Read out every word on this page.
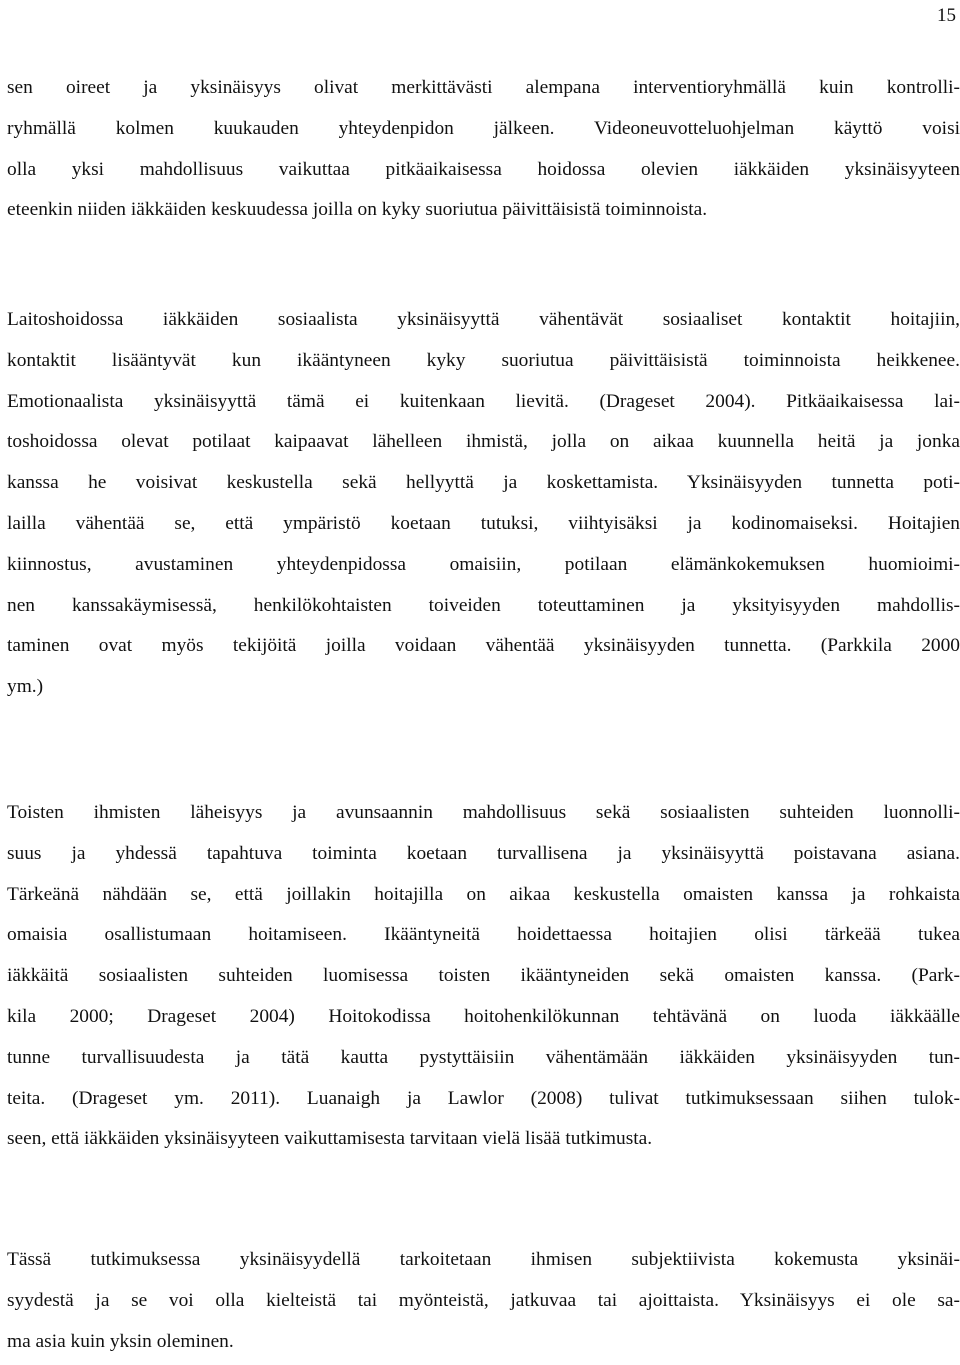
15
sen oireet ja yksinäisyys olivat merkittävästi alempana interventioryhmällä kuin kontrolli-
ryhmällä kolmen kuukauden yhteydenpidon jälkeen. Videoneuvotteluohjelman käyttö voisi
olla yksi mahdollisuus vaikuttaa pitkäaikaisessa hoidossa olevien iäkkäiden yksinäisyyteen
eteenkin niiden iäkkäiden keskuudessa joilla on kyky suoriutua päivittäisistä toiminnoista.
Laitoshoidossa iäkkäiden sosiaalista yksinäisyyttä vähentävät sosiaaliset kontaktit hoitajiin,
kontaktit lisääntyvät kun ikääntyneen kyky suoriutua päivittäisistä toiminnoista heikkenee.
Emotionaalista yksinäisyyttä tämä ei kuitenkaan lievitä. (Drageset 2004). Pitkäaikaisessa lai-
toshoidossa olevat potilaat kaipaavat lähelleen ihmistä, jolla on aikaa kuunnella heitä ja jonka
kanssa he voisivat keskustella sekä hellyyttä ja koskettamista. Yksinäisyyden tunnetta poti-
lailla vähentää se, että ympäristö koetaan tutuksi, viihtyisäksi ja kodinomaiseksi. Hoitajien
kiinnostus, avustaminen yhteydenpidossa omaisiin, potilaan elämänkokemuksen huomioimi-
nen kanssakäymisessä, henkilökohtaisten toiveiden toteuttaminen ja yksityisyyden mahdollis-
taminen ovat myös tekijöitä joilla voidaan vähentää yksinäisyyden tunnetta. (Parkkila 2000
ym.)
Toisten ihmisten läheisyys ja avunsaannin mahdollisuus sekä sosiaalisten suhteiden luonnolli-
suus ja yhdessä tapahtuva toiminta koetaan turvallisena ja yksinäisyyttä poistavana asiana.
Tärkeänä nähdään se, että joillakin hoitajilla on aikaa keskustella omaisten kanssa ja rohkaista
omaisia osallistumaan hoitamiseen. Ikääntyneitä hoidettaessa hoitajien olisi tärkeää tukea
iäkkäitä sosiaalisten suhteiden luomisessa toisten ikääntyneiden sekä omaisten kanssa. (Park-
kila 2000; Drageset 2004) Hoitokodissa hoitohenkilökunnan tehtävänä on luoda iäkkäälle
tunne turvallisuudesta ja tätä kautta pystyttäisiin vähentämään iäkkäiden yksinäisyyden tun-
teita. (Drageset ym. 2011). Luanaigh ja Lawlor (2008) tulivat tutkimuksessaan siihen tulok-
seen, että iäkkäiden yksinäisyyteen vaikuttamisesta tarvitaan vielä lisää tutkimusta.
Tässä tutkimuksessa yksinäisyydellä tarkoitetaan ihmisen subjektiivista kokemusta yksinäi-
syydestä ja se voi olla kielteistä tai myönteistä, jatkuvaa tai ajoittaista. Yksinäisyys ei ole sa-
ma asia kuin yksin oleminen.
